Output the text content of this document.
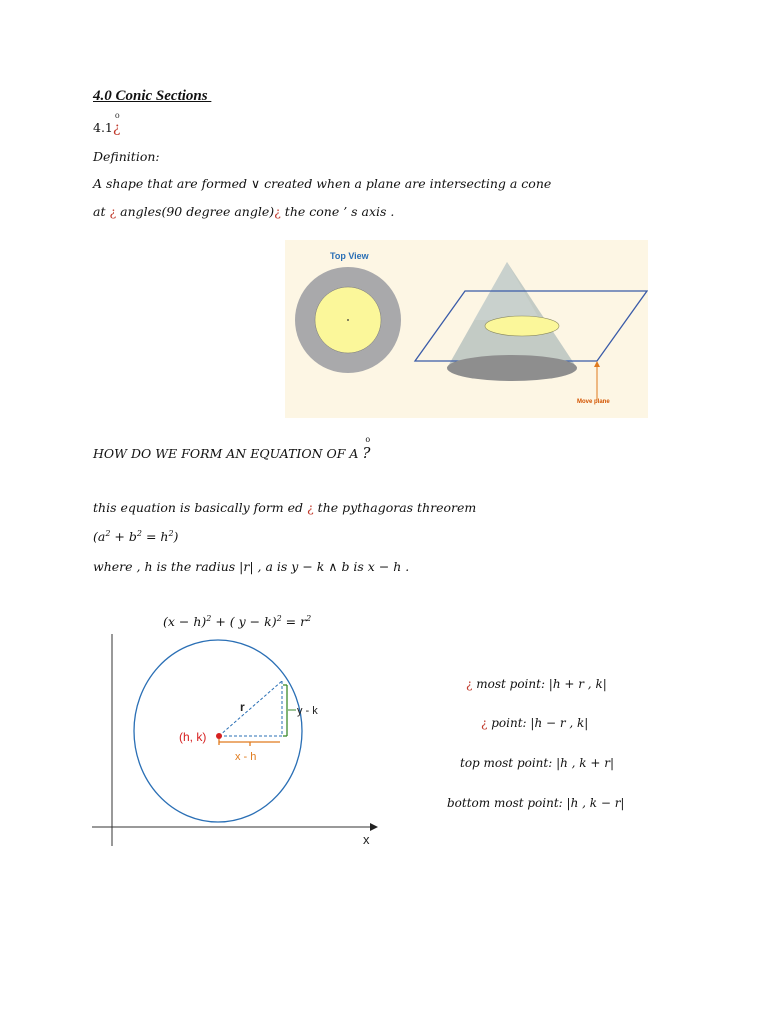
4.0 Conic Sections
4.1¿
o
Definition:
A shape that are formed ∨ created when a plane are intersecting a cone
at ¿ angles(90 degree angle)¿ the cone ’ s axis .
Top View
Move plane
HOW DO WE FORM AN EQUATION OF A ?
o
this equation is basically form ed ¿ the pythagoras threorem
$(a^2 + b^2 = h^2)$
where , h is the radius |r| , a is y − k ∧ b is x − h .
$(x - h)^2$ + ( $y - k)^2 = r^2$
x
(h, k)
r	y - k
x - h
¿ most point: |h + r , k|
¿ point: |h − r , k|
top most point: |h , k + r|
bottom most point: |h , k − r|
